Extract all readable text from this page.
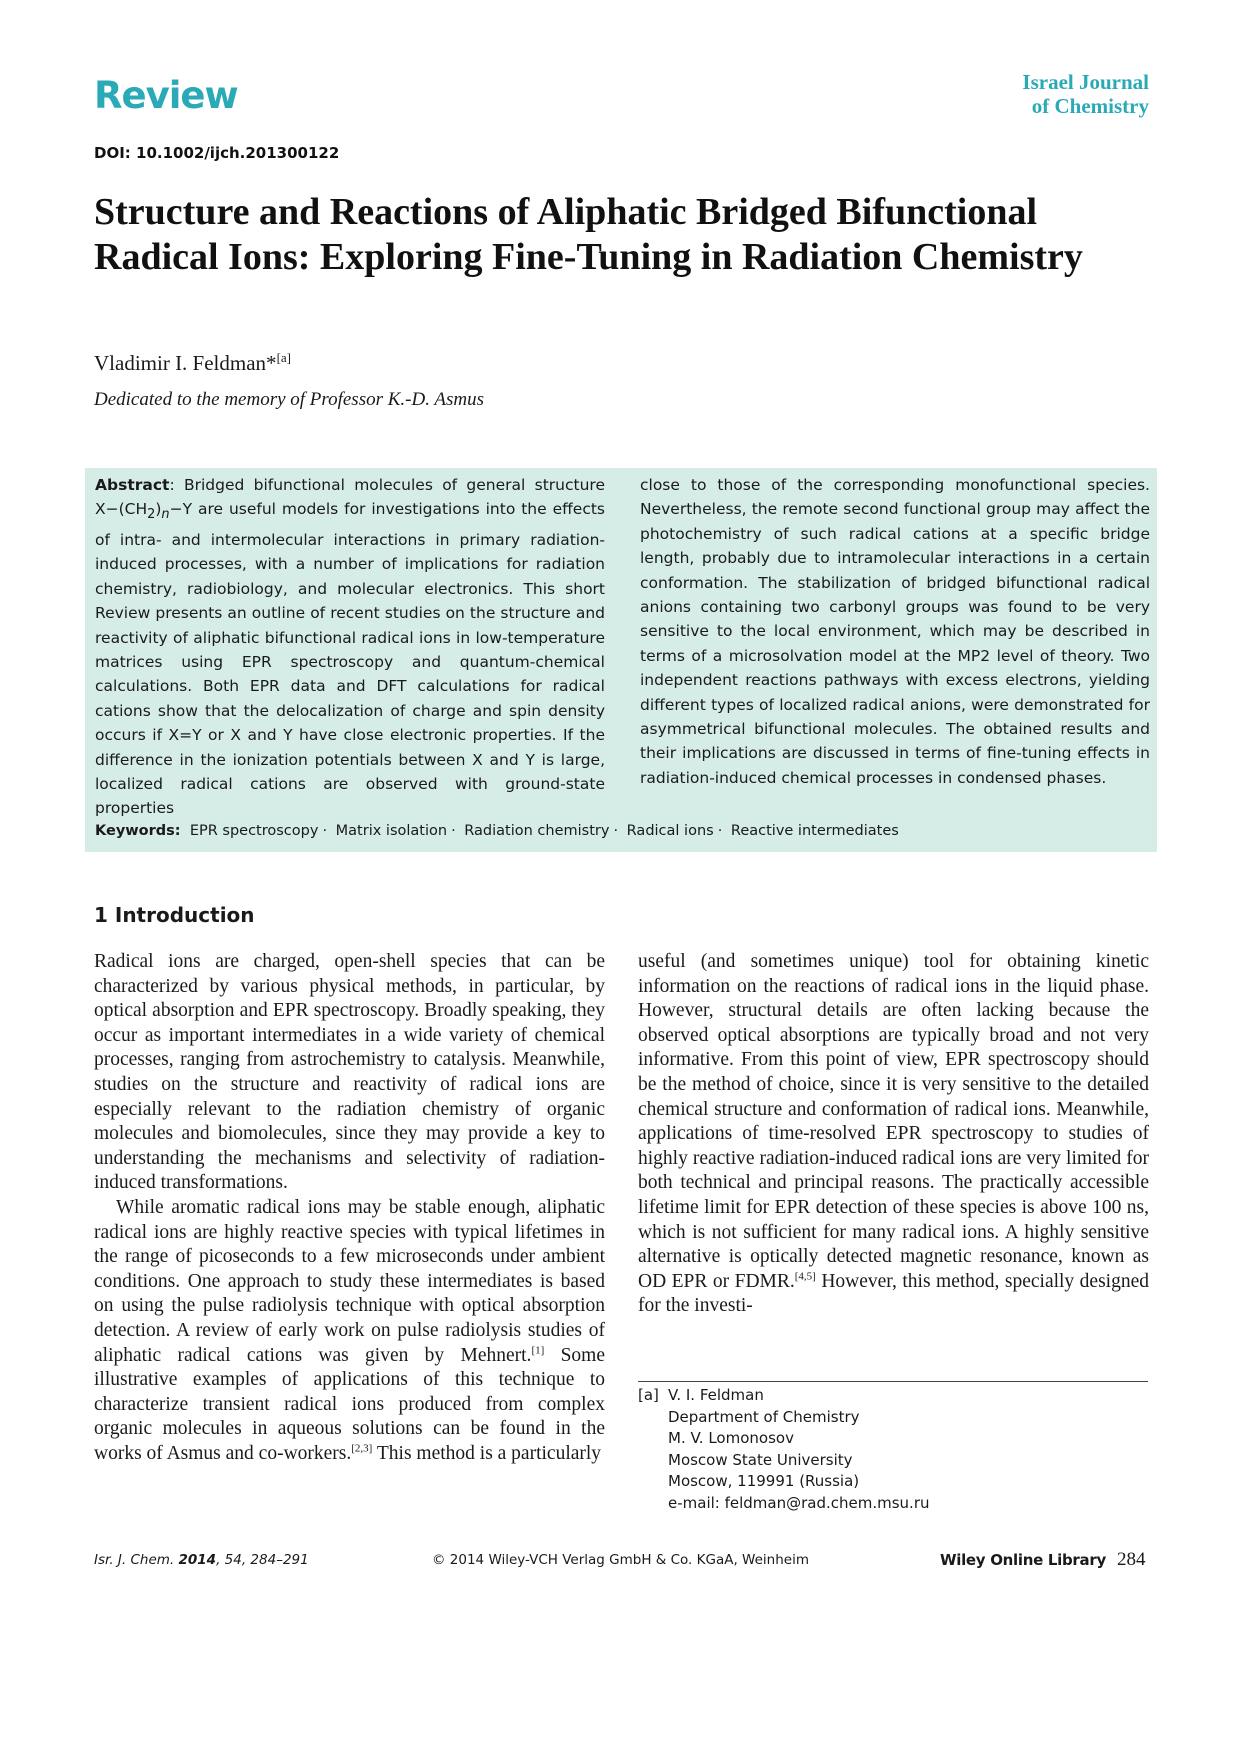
Review	Israel Journal
of Chemistry
DOI: 10.1002/ijch.201300122
Structure and Reactions of Aliphatic Bridged Bifunctional Radical Ions: Exploring Fine-Tuning in Radiation Chemistry
Vladimir I. Feldman*[a]
Dedicated to the memory of Professor K.-D. Asmus
Abstract: Bridged bifunctional molecules of general structure $X-(CH_2)_n-Y$ are useful models for investigations into the effects of intra- and intermolecular interactions in primary radiation-induced processes, with a number of implications for radiation chemistry, radiobiology, and molecular electronics. This short Review presents an outline of recent studies on the structure and reactivity of aliphatic bifunctional radical ions in low-temperature matrices using EPR spectroscopy and quantum-chemical calculations. Both EPR data and DFT calculations for radical cations show that the delocalization of charge and spin density occurs if X=Y or X and Y have close electronic properties. If the difference in the ionization potentials between X and Y is large, localized radical cations are observed with ground-state properties
close to those of the corresponding monofunctional species. Nevertheless, the remote second functional group may affect the photochemistry of such radical cations at a specific bridge length, probably due to intramolecular interactions in a certain conformation. The stabilization of bridged bifunctional radical anions containing two carbonyl groups was found to be very sensitive to the local environment, which may be described in terms of a microsolvation model at the MP2 level of theory. Two independent reactions pathways with excess electrons, yielding different types of localized radical anions, were demonstrated for asymmetrical bifunctional molecules. The obtained results and their implications are discussed in terms of fine-tuning effects in radiation-induced chemical processes in condensed phases.
Keywords: EPR spectroscopy · Matrix isolation · Radiation chemistry · Radical ions · Reactive intermediates
1 Introduction

Radical ions are charged, open-shell species that can be characterized by various physical methods, in particular, by optical absorption and EPR spectroscopy. Broadly speaking, they occur as important intermediates in a wide variety of chemical processes, ranging from astrochemistry to catalysis. Meanwhile, studies on the structure and reactivity of radical ions are especially relevant to the radiation chemistry of organic molecules and biomolecules, since they may provide a key to understanding the mechanisms and selectivity of radiation-induced transformations.

While aromatic radical ions may be stable enough, aliphatic radical ions are highly reactive species with typical lifetimes in the range of picoseconds to a few microseconds under ambient conditions. One approach to study these intermediates is based on using the pulse radiolysis technique with optical absorption detection. A review of early work on pulse radiolysis studies of aliphatic radical cations was given by Mehnert.[1] Some illustrative examples of applications of this technique to characterize transient radical ions produced from complex organic molecules in aqueous solutions can be found in the works of Asmus and co-workers.[2,3] This method is a particularly

useful (and sometimes unique) tool for obtaining kinetic information on the reactions of radical ions in the liquid phase. However, structural details are often lacking because the observed optical absorptions are typically broad and not very informative. From this point of view, EPR spectroscopy should be the method of choice, since it is very sensitive to the detailed chemical structure and conformation of radical ions. Meanwhile, applications of time-resolved EPR spectroscopy to studies of highly reactive radiation-induced radical ions are very limited for both technical and principal reasons. The practically accessible lifetime limit for EPR detection of these species is above 100 ns, which is not sufficient for many radical ions. A highly sensitive alternative is optically detected magnetic resonance, known as OD EPR or FDMR.[4,5] However, this method, specially designed for the investi-

[a] V. I. Feldman
Department of Chemistry
M. V. Lomonosov
Moscow State University
Moscow, 119991 (Russia)
e-mail: feldman@rad.chem.msu.ru
Isr. J. Chem. 2014, 54, 284–291	© 2014 Wiley-VCH Verlag GmbH & Co. KGaA, Weinheim	Wiley Online Library 284
